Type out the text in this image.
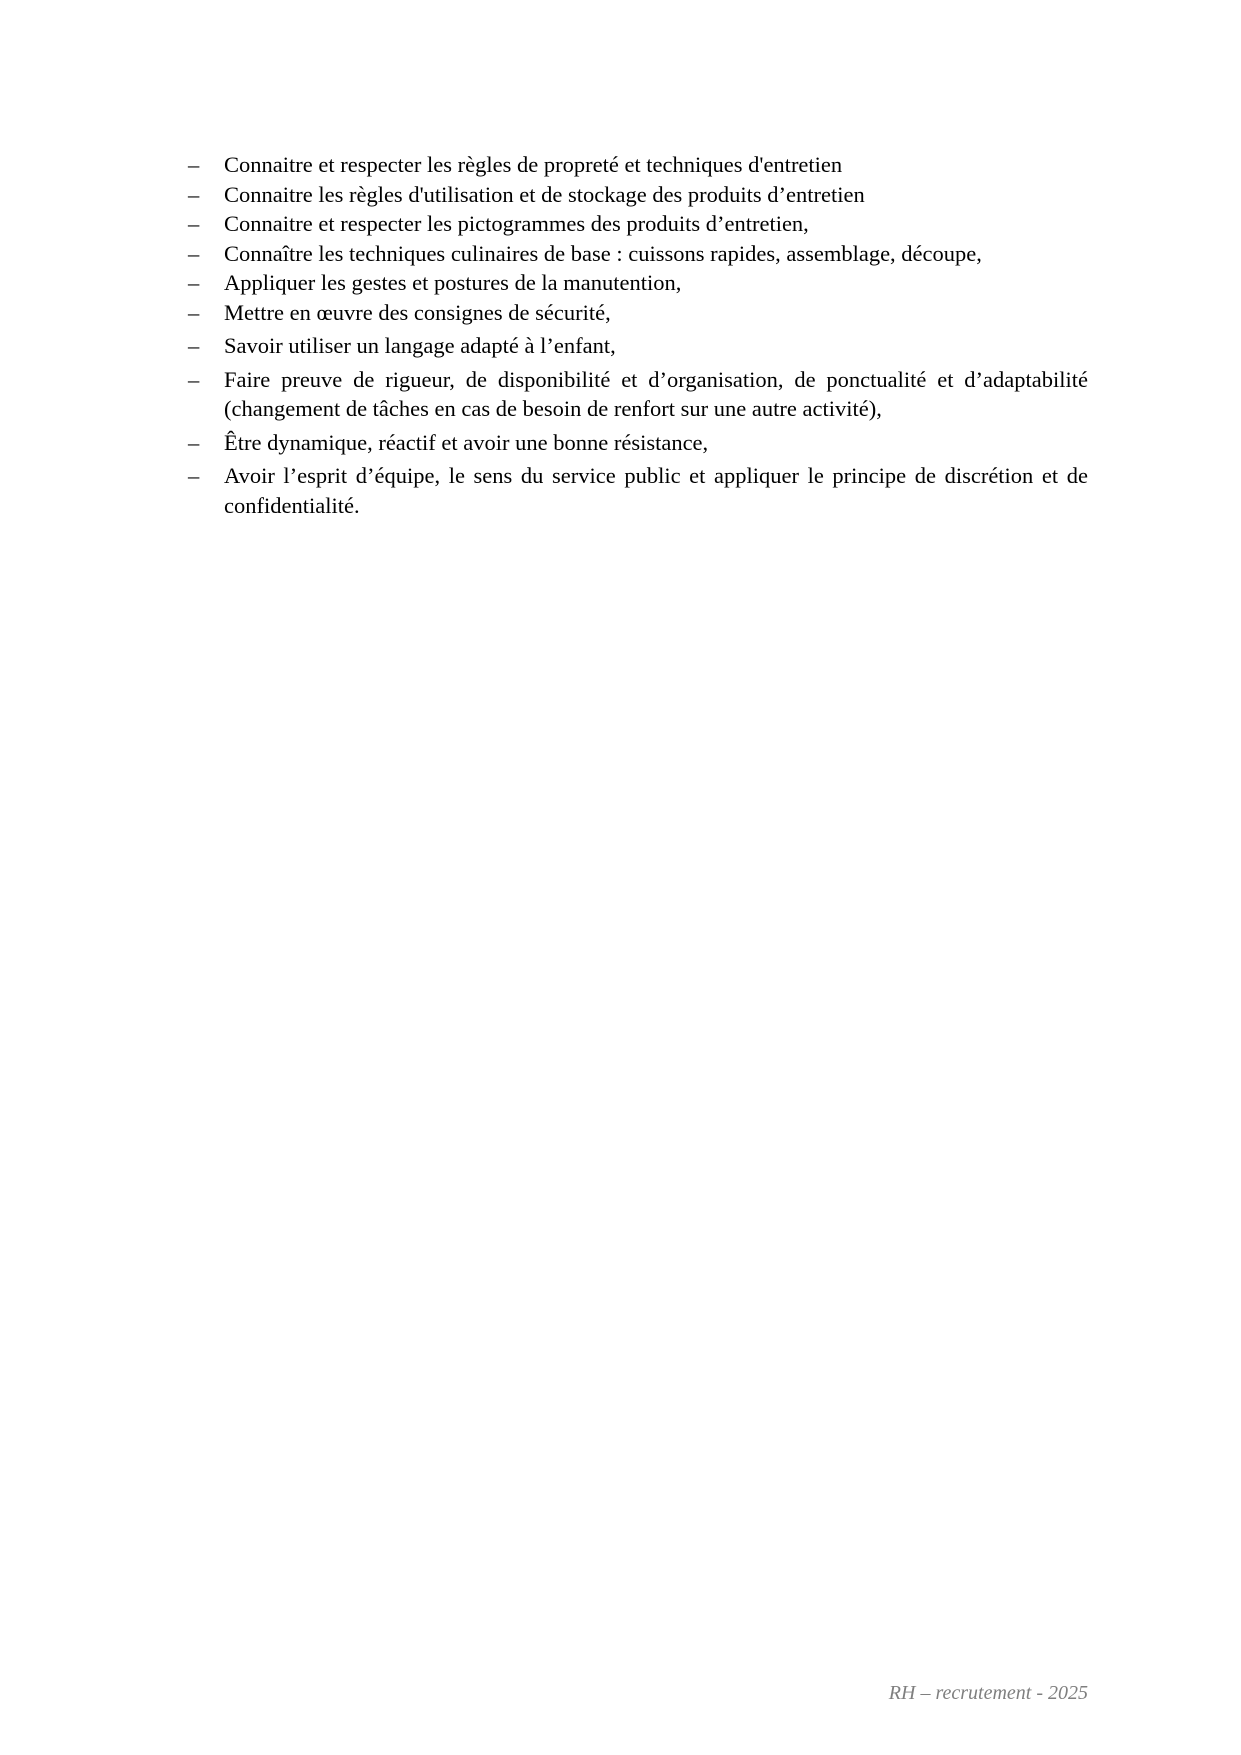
– Connaitre et respecter les règles de propreté et techniques d'entretien
– Connaitre les règles d'utilisation et de stockage des produits d’entretien
– Connaitre et respecter les pictogrammes des produits d’entretien,
– Connaître les techniques culinaires de base : cuissons rapides, assemblage, découpe,
– Appliquer les gestes et postures de la manutention,
– Mettre en œuvre des consignes de sécurité,
– Savoir utiliser un langage adapté à l’enfant,
– Faire preuve de rigueur, de disponibilité et d’organisation, de ponctualité et d’adaptabilité (changement de tâches en cas de besoin de renfort sur une autre activité),
– Être dynamique, réactif et avoir une bonne résistance,
– Avoir l’esprit d’équipe, le sens du service public et appliquer le principe de discrétion et de confidentialité.
RH – recrutement - 2025
